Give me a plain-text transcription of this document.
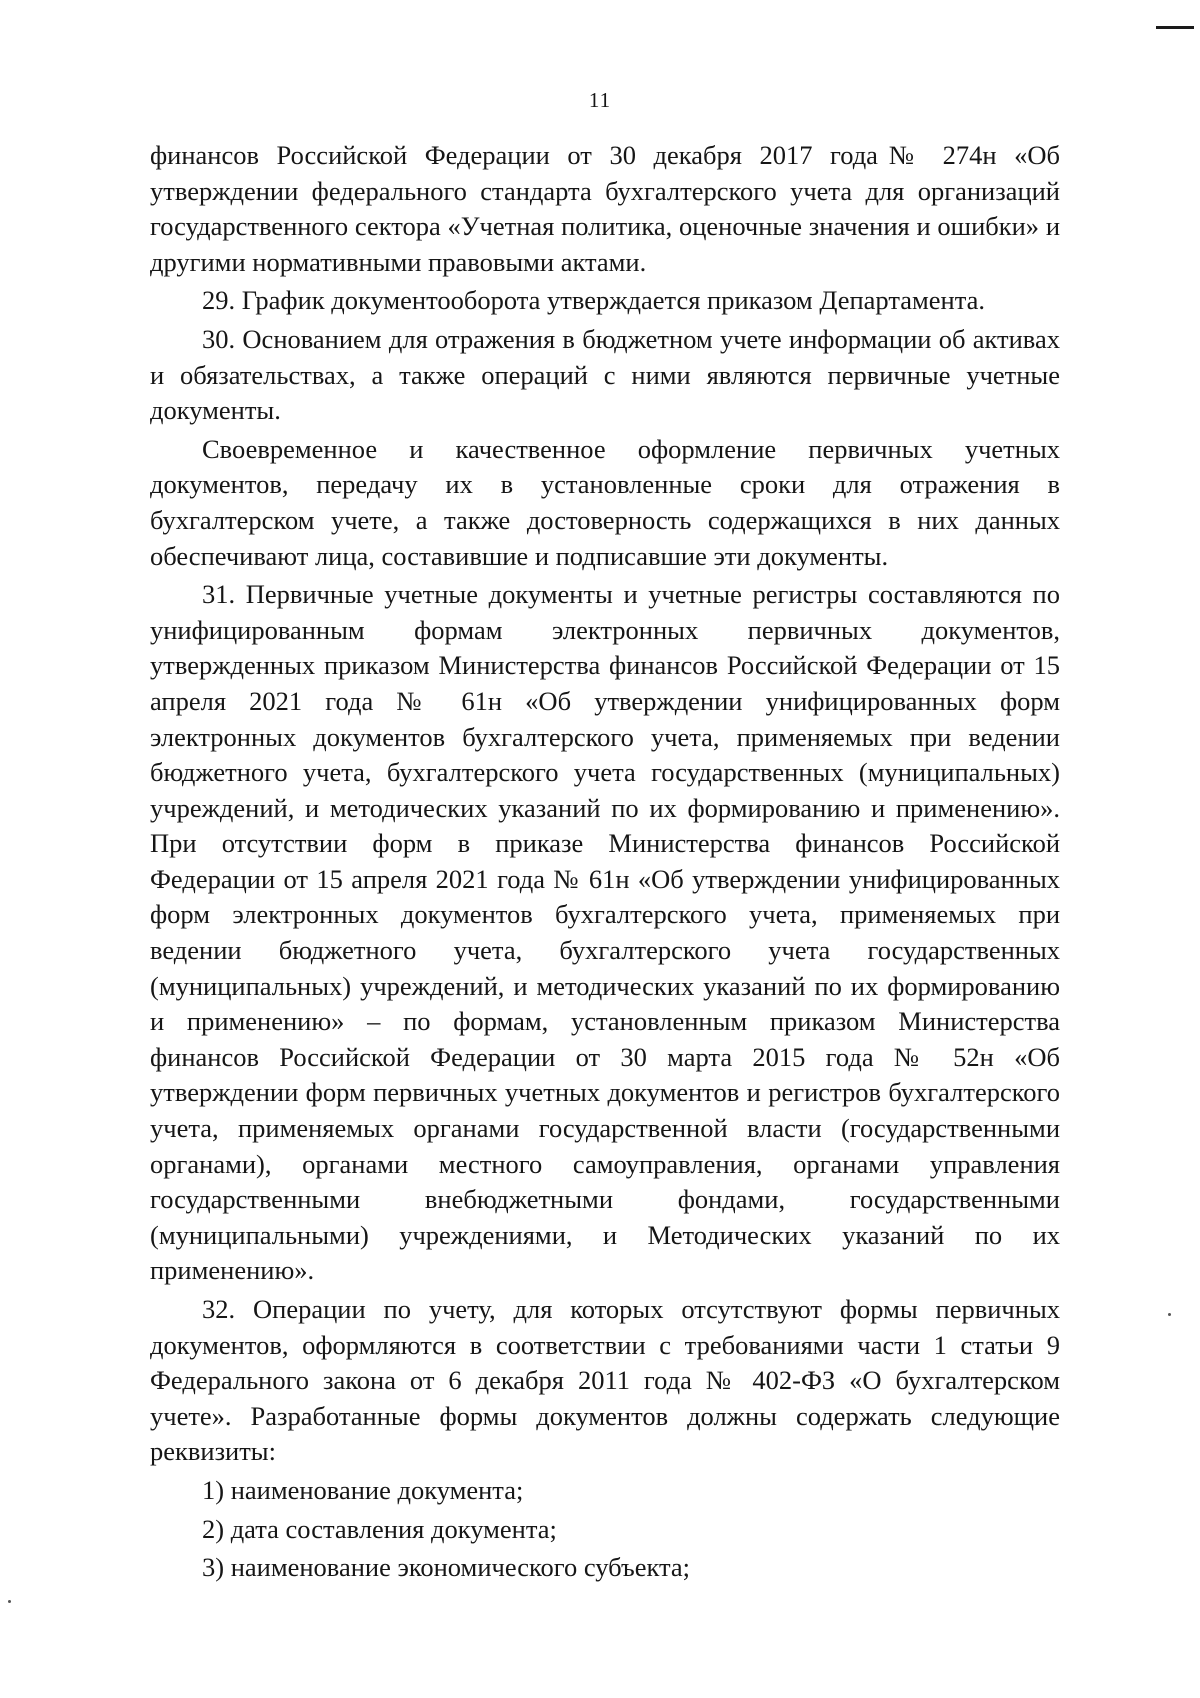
11

финансов Российской Федерации от 30 декабря 2017 года№ 274н «Об утверждении федерального стандарта бухгалтерского учета для организаций государственного сектора «Учетная политика, оценочные значения и ошибки» и другими нормативными правовыми актами.

29. График документооборота утверждается приказом Департамента.

30. Основанием для отражения в бюджетном учете информации об активах и обязательствах, а также операций с ними являются первичные учетные документы.

Своевременное и качественное оформление первичных учетных документов, передачу их в установленные сроки для отражения в бухгалтерском учете, а также достоверность содержащихся в них данных обеспечивают лица, составившие и подписавшие эти документы.

31. Первичные учетные документы и учетные регистры составляются по унифицированным формам электронных первичных документов, утвержденных приказом Министерства финансов Российской Федерации от 15 апреля 2021 года № 61н «Об утверждении унифицированных форм электронных документов бухгалтерского учета, применяемых при ведении бюджетного учета, бухгалтерского учета государственных (муниципальных) учреждений, и методических указаний по их формированию и применению». При отсутствии форм в приказе Министерства финансов Российской Федерации от 15 апреля 2021 года № 61н «Об утверждении унифицированных форм электронных документов бухгалтерского учета, применяемых при ведении бюджетного учета, бухгалтерского учета государственных (муниципальных) учреждений, и методических указаний по их формированию и применению» – по формам, установленным приказом Министерства финансов Российской Федерации от 30 марта 2015 года № 52н «Об утверждении форм первичных учетных документов и регистров бухгалтерского учета, применяемых органами государственной власти (государственными органами), органами местного самоуправления, органами управления государственными внебюджетными фондами, государственными (муниципальными) учреждениями, и Методических указаний по их применению».

32. Операции по учету, для которых отсутствуют формы первичных документов, оформляются в соответствии с требованиями части 1 статьи 9 Федерального закона от 6 декабря 2011 года № 402-ФЗ «О бухгалтерском учете». Разработанные формы документов должны содержать следующие реквизиты:

1) наименование документа;

2) дата составления документа;

3) наименование экономического субъекта;
